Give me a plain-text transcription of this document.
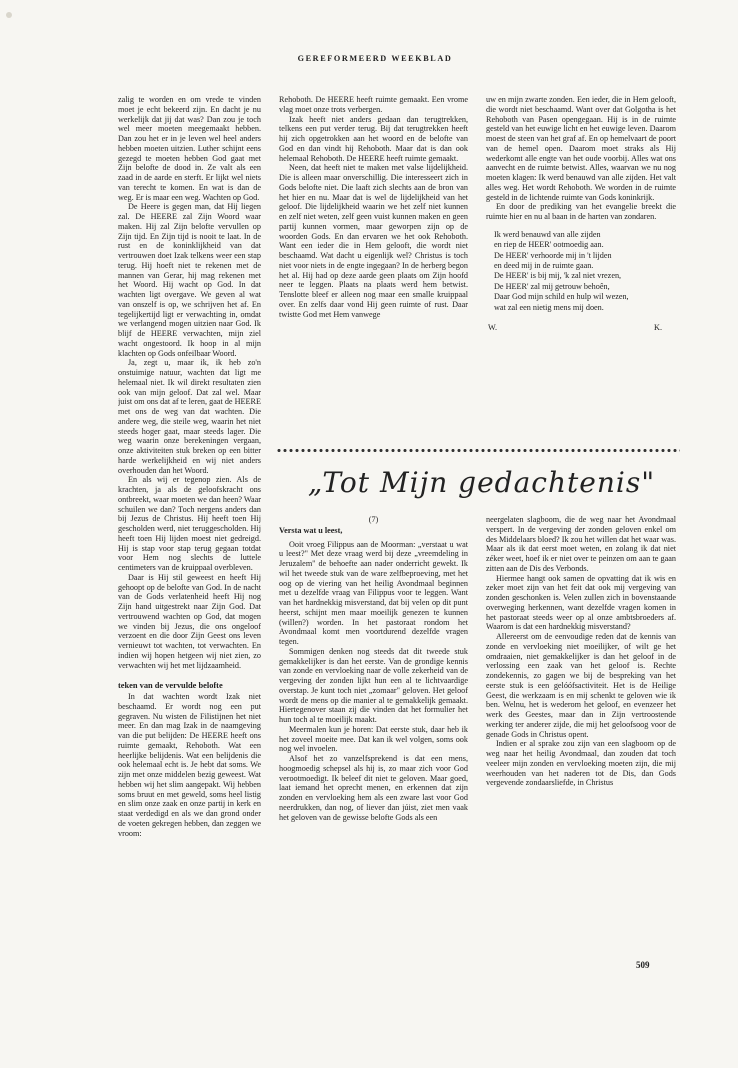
GEREFORMEERD WEEKBLAD

zalig te worden en om vrede te vinden moet je echt bekeerd zijn. En dacht je nu werkelijk dat jij dat was? Dan zou je toch wel meer moeten meegemaakt hebben. Dan zou het er in je leven wel heel anders hebben moeten uitzien. Luther schijnt eens gezegd te moeten hebben God gaat met Zijn belofte de dood in. Ze valt als een zaad in de aarde en sterft. Er lijkt wel niets van terecht te komen. En wat is dan de weg. Er is maar een weg. Wachten op God.

De Heere is gegen man, dat Hij liegen zal. De HEERE zal Zijn Woord waar maken. Hij zal Zijn belofte vervullen op Zijn tijd. En Zijn tijd is nooit te laat. In de rust en de koninklijkheid van dat vertrouwen doet Izak telkens weer een stap terug. Hij hoeft niet te rekenen met de mannen van Gerar, hij mag rekenen met het Woord. Hij wacht op God. In dat wachten ligt overgave. We geven al wat van onszelf is op, we schrijven het af. En tegelijkertijd ligt er verwachting in, omdat we verlangend mogen uitzien naar God. Ik blijf de HEERE verwachten, mijn ziel wacht ongestoord. Ik hoop in al mijn klachten op Gods onfeilbaar Woord.

Ja, zegt u, maar ik, ik heb zo'n onstuimige natuur, wachten dat ligt me helemaal niet. Ik wil direkt resultaten zien ook van mijn geloof. Dat zal wel. Maar juist om ons dat af te leren, gaat de HEERE met ons de weg van dat wachten. Die andere weg, die steile weg, waarin het niet steeds hoger gaat, maar steeds lager. Die weg waarin onze berekeningen vergaan, onze aktiviteiten stuk breken op een bitter harde werkelijkheid en wij niet anders overhouden dan het Woord.

En als wij er tegenop zien. Als de krachten, ja als de geloofskracht ons ontbreekt, waar moeten we dan heen? Waar schuilen we dan? Toch nergens anders dan bij Jezus de Christus. Hij heeft toen Hij gescholden werd, niet teruggescholden. Hij heeft toen Hij lijden moest niet gedreigd. Hij is stap voor stap terug gegaan totdat voor Hem nog slechts de luttele centimeters van de kruippaal overbleven.

Daar is Hij stil geweest en heeft Hij gehoopt op de belofte van God. In de nacht van de Gods verlatenheid heeft Hij nog Zijn hand uitgestrekt naar Zijn God. Dat vertrouwend wachten op God, dat mogen we vinden bij Jezus, die ons ongeloof verzoent en die door Zijn Geest ons leven vernieuwt tot wachten, tot verwachten. En indien wij hopen hetgeen wij niet zien, zo verwachten wij het met lijdzaamheid.

teken van de vervulde belofte

In dat wachten wordt Izak niet beschaamd. Er wordt nog een put gegraven. Nu wisten de Filistijnen het niet meer. En dan mag Izak in de naamgeving van die put belijden: De HEERE heeft ons ruimte gemaakt, Rehoboth. Wat een heerlijke belijdenis. Wat een belijdenis die ook helemaal echt is. Je hebt dat soms. We zijn met onze middelen bezig geweest. Wat hebben wij het slim aangepakt. Wij hebben soms bruut en met geweld, soms heel listig en slim onze zaak en onze partij in kerk en staat verdedigd en als we dan grond onder de voeten gekregen hebben, dan zeggen we vroom:

Rehoboth. De HEERE heeft ruimte gemaakt. Een vrome vlag moet onze trots verbergen.

Izak heeft niet anders gedaan dan terugtrekken, telkens een put verder terug. Bij dat terugtrekken heeft hij zich opgetrokken aan het woord en de belofte van God en dan vindt hij Rehoboth. Maar dat is dan ook helemaal Rehoboth. De HEERE heeft ruimte gemaakt.

Neen, dat heeft niet te maken met valse lijdelijkheid. Die is alleen maar onverschillig. Die interesseert zich in Gods belofte niet. Die laaft zich slechts aan de bron van het hier en nu. Maar dat is wel de lijdelijkheid van het geloof. Die lijdelijkheid waarin we het zelf niet kunnen en zelf niet weten, zelf geen vuist kunnen maken en geen partij kunnen vormen, maar geworpen zijn op de woorden Gods. En dan ervaren we het ook Rehoboth. Want een ieder die in Hem gelooft, die wordt niet beschaamd. Wat dacht u eigenlijk wel? Christus is toch niet voor niets in de engte ingegaan? In de herberg begon het al. Hij had op deze aarde geen plaats om Zijn hoofd neer te leggen. Plaats na plaats werd hem betwist. Tenslotte bleef er alleen nog maar een smalle kruippaal over. En zelfs daar vond Hij geen ruimte of rust. Daar twistte God met Hem vanwege

uw en mijn zwarte zonden. Een ieder, die in Hem gelooft, die wordt niet beschaamd. Want over dat Golgotha is het Rehoboth van Pasen opengegaan. Hij is in de ruimte gesteld van het euwige licht en het euwige leven. Daarom moest de steen van het graf af. En op hemelvaart de poort van de hemel open. Daarom moet straks als Hij wederkomt alle engte van het oude voorbij. Alles wat ons aanvecht en de ruimte betwist. Alles, waarvan we nu nog moeten klagen: Ik werd benauwd van alle zijden. Het valt alles weg. Het wordt Rehoboth. We worden in de ruimte gesteld in de lichtende ruimte van Gods koninkrijk.

En door de prediking van het evangelie breekt die ruimte hier en nu al baan in de harten van zondaren.

Ik werd benauwd van alle zijden
en riep de HEER' ootmoedig aan.
De HEER' verhoorde mij in 't lijden
en deed mij in de ruimte gaan.
De HEER' is bij mij, 'k zal niet vrezen,
De HEER' zal mij getrouw behoên,
Daar God mijn schild en hulp wil wezen,
wat zal een nietig mens mij doen.
W.	K.
„Tot Mijn gedachtenis"

(7)

Versta wat u leest,

Ooit vroeg Filippus aan de Moorman: „verstaat u wat u leest?" Met deze vraag werd bij deze „vreemdeling in Jeruzalem" de behoefte aan nader onderricht gewekt. Ik wil het tweede stuk van de ware zelfbeproeving, met het oog op de viering van het heilig Avondmaal beginnen met u dezelfde vraag van Filippus voor te leggen. Want van het hardnekkig misverstand, dat bij velen op dit punt heerst, schijnt men maar moeilijk genezen te kunnen (willen?) worden. In het pastoraat rondom het Avondmaal komt men voortdurend dezelfde vragen tegen.

Sommigen denken nog steeds dat dit tweede stuk gemakkelijker is dan het eerste. Van de grondige kennis van zonde en vervloeking naar de volle zekerheid van de vergeving der zonden lijkt hun een al te lichtvaardige overstap. Je kunt toch niet „zomaar" geloven. Het geloof wordt de mens op die manier al te gemakkelijk gemaakt. Hiertegenover staan zij die vinden dat het formulier het hun toch al te moeilijk maakt.

Meermalen kun je horen: Dat eerste stuk, daar heb ik het zoveel moeite mee. Dat kan ik wel volgen, soms ook nog wel invoelen.

Alsof het zo vanzelfsprekend is dat een mens, hoogmoedig schepsel als hij is, zo maar zich voor God verootmoedigt. Ik beleef dit niet te geloven. Maar goed, laat iemand het oprecht menen, en erkennen dat zijn zonden en vervloeking hem als een zware last voor God neerdrukken, dan nog, of liever dan júist, ziet men vaak het geloven van de gewisse belofte Gods als een

neergelaten slagboom, die de weg naar het Avondmaal verspert. In de vergeving der zonden geloven enkel om des Middelaars bloed? Ik zou het willen dat het waar was. Maar als ik dat eerst moet weten, en zolang ik dat niet zéker weet, hoef ik er niet over te peinzen om aan te gaan zitten aan de Dis des Verbonds.

Hiermee hangt ook samen de opvatting dat ik wis en zeker moet zijn van het feit dat ook mij vergeving van zonden geschonken is. Velen zullen zich in bovenstaande overweging herkennen, want dezelfde vragen komen in het pastoraat steeds weer op al onze ambtsbroeders af. Waarom is dat een hardnekkig misverstand?

Allereerst om de eenvoudige reden dat de kennis van zonde en vervloeking niet moeilijker, of wilt ge het omdraaien, niet gemakkelijker is dan het geloof in de verlossing een zaak van het geloof is. Rechte zondekennis, zo gagen we bij de bespreking van het eerste stuk is een gelóófsactiviteit. Het is de Heilige Geest, die werkzaam is en mij schenkt te geloven wie ik ben. Welnu, het is wederom het geloof, en evenzeer het werk des Geestes, maar dan in Zijn vertroostende werking ter anderer zijde, die mij het geloofsoog voor de genade Gods in Christus opent.

Indien er al sprake zou zijn van een slagboom op de weg naar het heilig Avondmaal, dan zouden dat toch veeleer mijn zonden en vervloeking moeten zijn, die mij weerhouden van het naderen tot de Dis, dan Gods vergevende zondaarsliefde, in Christus

509
